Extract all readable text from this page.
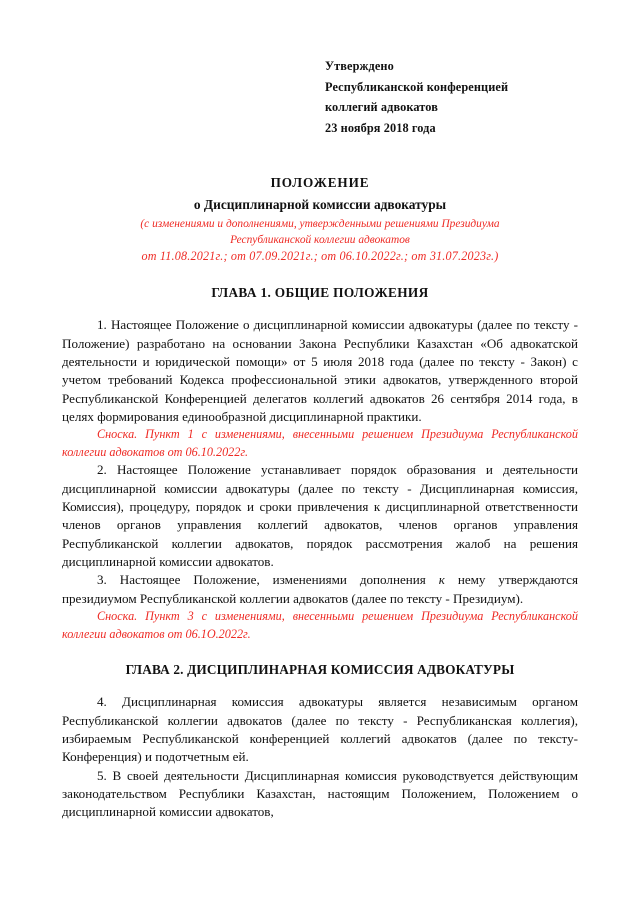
Утверждено
Республиканской конференцией
коллегий адвокатов
23 ноября 2018 года
ПОЛОЖЕНИЕ
о Дисциплинарной комиссии адвокатуры
(с изменениями и дополнениями, утвержденными решениями Президиума
Республиканской коллегии адвокатов
от 11.08.2021г.; от 07.09.2021г.; от 06.10.2022г.; от 31.07.2023г.)
ГЛАВА 1. ОБЩИЕ ПОЛОЖЕНИЯ

1. Настоящее Положение о дисциплинарной комиссии адвокатуры (далее по тексту - Положение) разработано на основании Закона Республики Казахстан «Об адвокатской деятельности и юридической помощи» от 5 июля 2018 года (далее по тексту - Закон) с учетом требований Кодекса профессиональной этики адвокатов, утвержденного второй Республиканской Конференцией делегатов коллегий адвокатов 26 сентября 2014 года, в целях формирования единообразной дисциплинарной практики.

Сноска. Пункт 1 с изменениями, внесенными решением Президиума Республиканской коллегии адвокатов от 06.10.2022г.

2. Настоящее Положение устанавливает порядок образования и деятельности дисциплинарной комиссии адвокатуры (далее по тексту - Дисциплинарная комиссия, Комиссия), процедуру, порядок и сроки привлечения к дисциплинарной ответственности членов органов управления коллегий адвокатов, членов органов управления Республиканской коллегии адвокатов, порядок рассмотрения жалоб на решения дисциплинарной комиссии адвокатов.

3. Настоящее Положение, изменениями дополнения к нему утверждаются президиумом Республиканской коллегии адвокатов (далее по тексту - Президиум).

Сноска. Пункт 3 с изменениями, внесенными решением Президиума Республиканской коллегии адвокатов от 06.1О.2022г.

ГЛАВА 2. ДИСЦИПЛИНАРНАЯ КОМИССИЯ АДВОКАТУРЫ

4. Дисциплинарная комиссия адвокатуры является независимым органом Республиканской коллегии адвокатов (далее по тексту - Республиканская коллегия), избираемым Республиканской конференцией коллегий адвокатов (далее по тексту- Конференция) и подотчетным ей.

5. В своей деятельности Дисциплинарная комиссия руководствуется действующим законодательством Республики Казахстан, настоящим Положением, Положением о дисциплинарной комиссии адвокатов,
